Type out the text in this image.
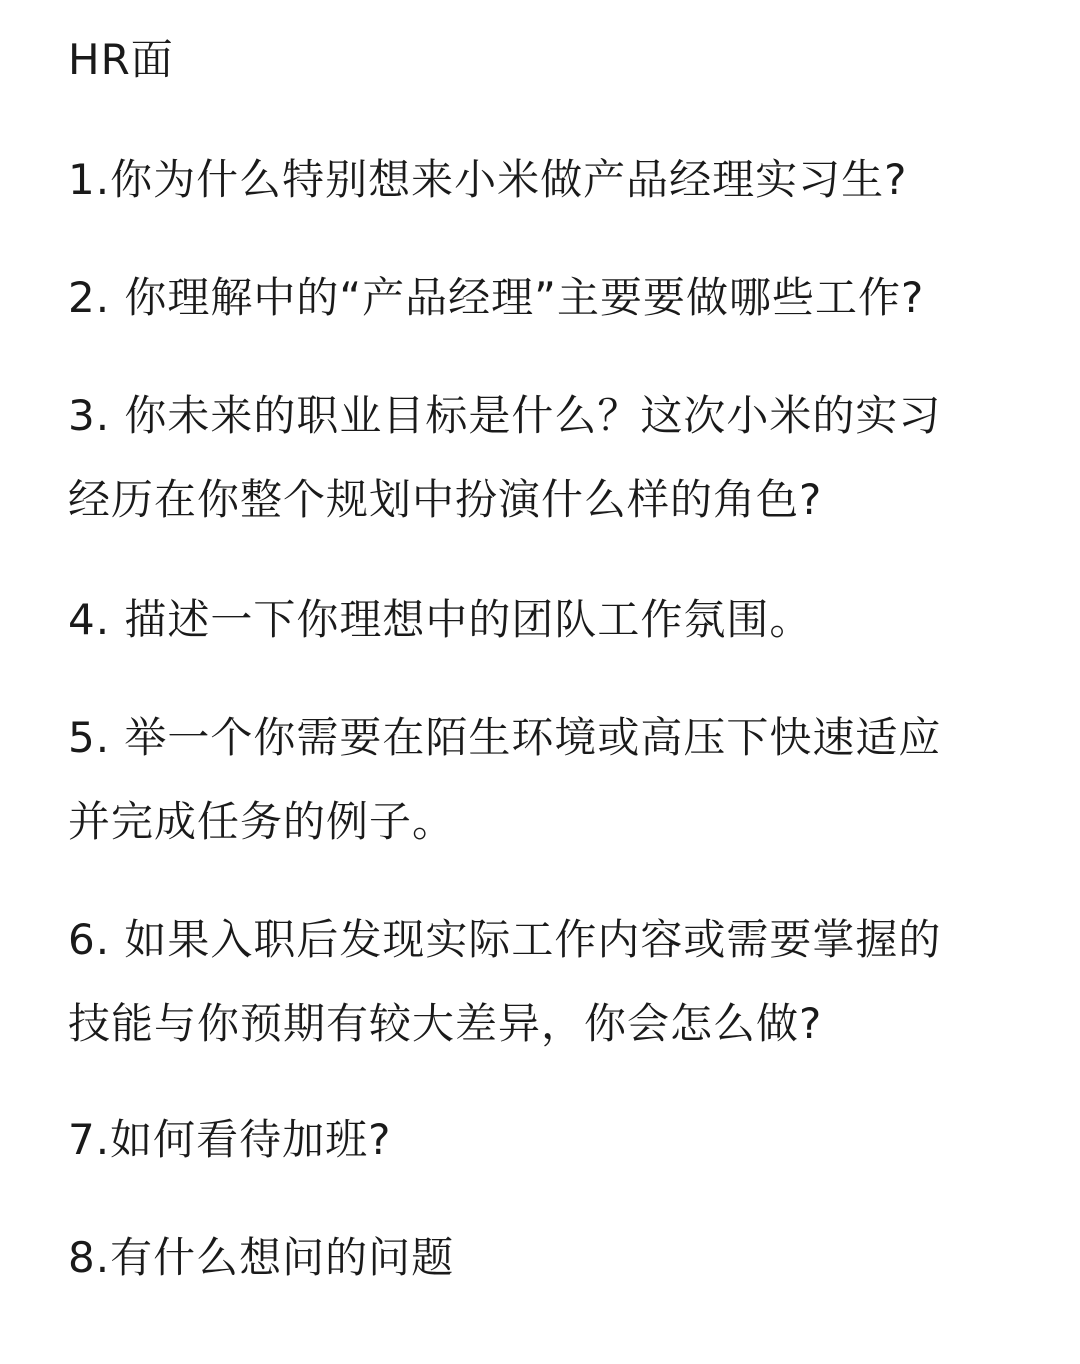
HR面
1.你为什么特别想来小米做产品经理实习生?
2. 你理解中的“产品经理”主要要做哪些工作?
3. 你未来的职业目标是什么？这次小米的实习
经历在你整个规划中扮演什么样的角色?
4. 描述一下你理想中的团队工作氛围。
5. 举一个你需要在陌生环境或高压下快速适应
并完成任务的例子。
6. 如果入职后发现实际工作内容或需要掌握的
技能与你预期有较大差异，你会怎么做?
7.如何看待加班?
8.有什么想问的问题
